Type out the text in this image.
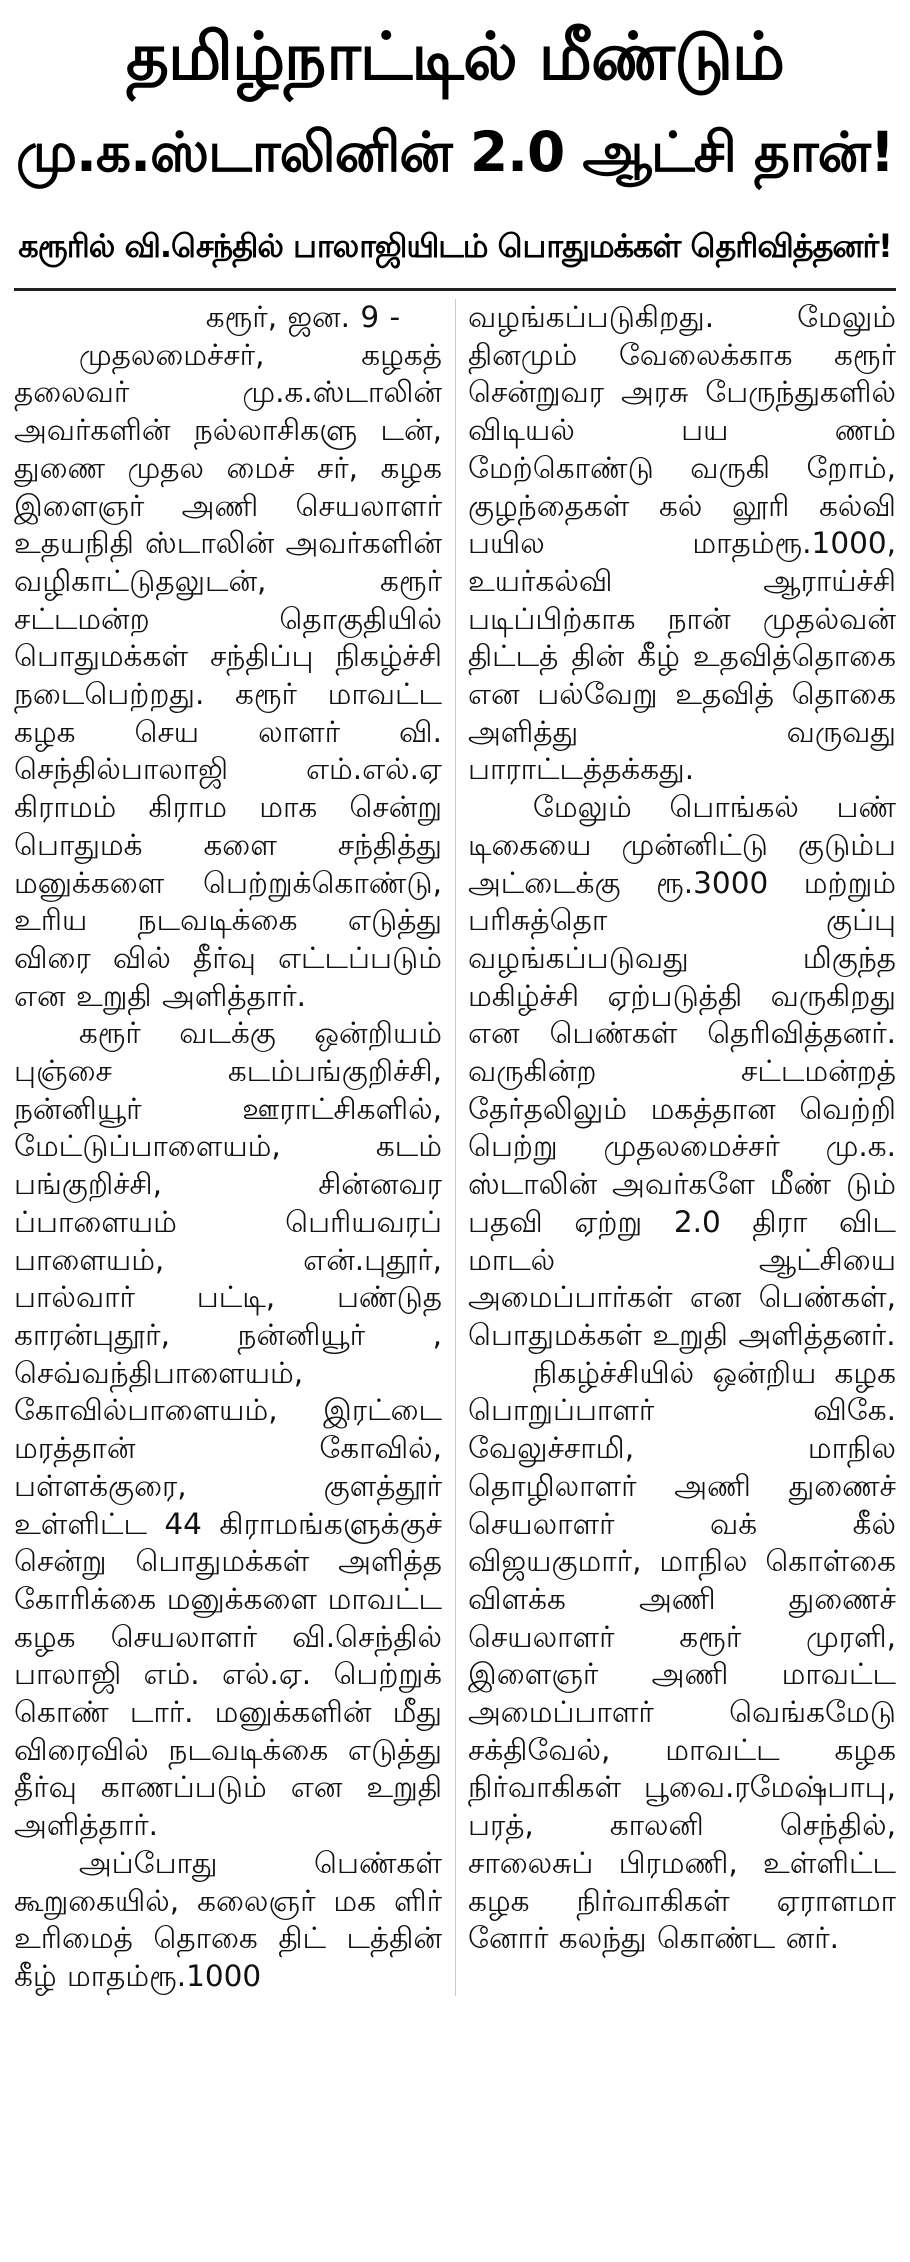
தமிழ்நாட்டில் மீண்டும்
மு.க.ஸ்டாலினின் 2.0 ஆட்சி தான்!
கரூரில் வி.செந்தில் பாலாஜியிடம் பொதுமக்கள் தெரிவித்தனர்!

கரூர், ஜன. 9 -

முதலமைச்சர், கழகத் தலைவர் மு.க.ஸ்டாலின் அவர்களின் நல்லாசிகளு டன், துணை முதல மைச் சர், கழக இளைஞர் அணி செயலாளர் உதயநிதி ஸ்டாலின் அவர்களின் வழிகாட்டுதலுடன், கரூர் சட்டமன்ற தொகுதியில் பொதுமக்கள் சந்திப்பு நிகழ்ச்சி நடைபெற்றது. கரூர் மாவட்ட கழக செய லாளர் வி. செந்தில்பாலாஜி எம்.எல்.ஏ கிராமம் கிராம மாக சென்று பொதுமக் களை சந்தித்து மனுக்களை பெற்றுக்கொண்டு, உரிய நடவடிக்கை எடுத்து விரை வில் தீர்வு எட்டப்படும் என உறுதி அளித்தார்.

கரூர் வடக்கு ஒன்றியம் புஞ்சை கடம்பங்குறிச்சி, நன்னியூர் ஊராட்சிகளில், மேட்டுப்பாளையம், கடம் பங்குறிச்சி, சின்னவர ப்பாளையம் பெரியவரப் பாளையம், என்.புதூர், பால்வார் பட்டி, பண்டுத காரன்புதூர், நன்னியூர் , செவ்வந்திபாளையம், கோவில்பாளையம், இரட்டை மரத்தான் கோவில், பள்ளக்குரை, குளத்தூர் உள்ளிட்ட 44 கிராமங்களுக்குச் சென்று பொதுமக்கள் அளித்த கோரிக்கை மனுக்களை மாவட்ட கழக செயலாளர் வி.செந்தில் பாலாஜி எம். எல்.ஏ. பெற்றுக் கொண் டார். மனுக்களின் மீது விரைவில் நடவடிக்கை எடுத்து தீர்வு காணப்படும் என உறுதி அளித்தார்.

அப்போது பெண்கள் கூறுகையில், கலைஞர் மக ளிர் உரிமைத் தொகை திட் டத்தின் கீழ் மாதம்ரூ.1000

வழங்கப்படுகிறது. மேலும் தினமும் வேலைக்காக கரூர் சென்றுவர அரசு பேருந்துகளில் விடியல் பய ணம் மேற்கொண்டு வருகி றோம், குழந்தைகள் கல் லூரி கல்வி பயில மாதம்ரூ.1000, உயர்கல்வி ஆராய்ச்சி படிப்பிற்காக நான் முதல்வன் திட்டத் தின் கீழ் உதவித்தொகை என பல்வேறு உதவித் தொகை அளித்து வருவது பாராட்டத்தக்கது.

மேலும் பொங்கல் பண் டிகையை முன்னிட்டு குடும்ப அட்டைக்கு ரூ.3000 மற்றும் பரிசுத்தொ குப்பு வழங்கப்படுவது மிகுந்த மகிழ்ச்சி ஏற்படுத்தி வருகிறது என பெண்கள் தெரிவித்தனர். வருகின்ற சட்டமன்றத் தேர்தலிலும் மகத்தான வெற்றி பெற்று முதலமைச்சர் மு.க. ஸ்டாலின் அவர்களே மீண் டும் பதவி ஏற்று 2.0 திரா விட மாடல் ஆட்சியை அமைப்பார்கள் என பெண்கள், பொதுமக்கள் உறுதி அளித்தனர்.

நிகழ்ச்சியில் ஒன்றிய கழக பொறுப்பாளர் விகே. வேலுச்சாமி, மாநில தொழிலாளர் அணி துணைச் செயலாளர் வக் கீல் விஜயகுமார், மாநில கொள்கை விளக்க அணி துணைச் செயலாளர் கரூர் முரளி, இளைஞர் அணி மாவட்ட அமைப்பாளர் வெங்கமேடு சக்திவேல், மாவட்ட கழக நிர்வாகிகள் பூவை.ரமேஷ்பாபு, பரத், காலனி செந்தில், சாலைசுப் பிரமணி, உள்ளிட்ட கழக நிர்வாகிகள் ஏராளமா னோர் கலந்து கொண்ட னர்.
